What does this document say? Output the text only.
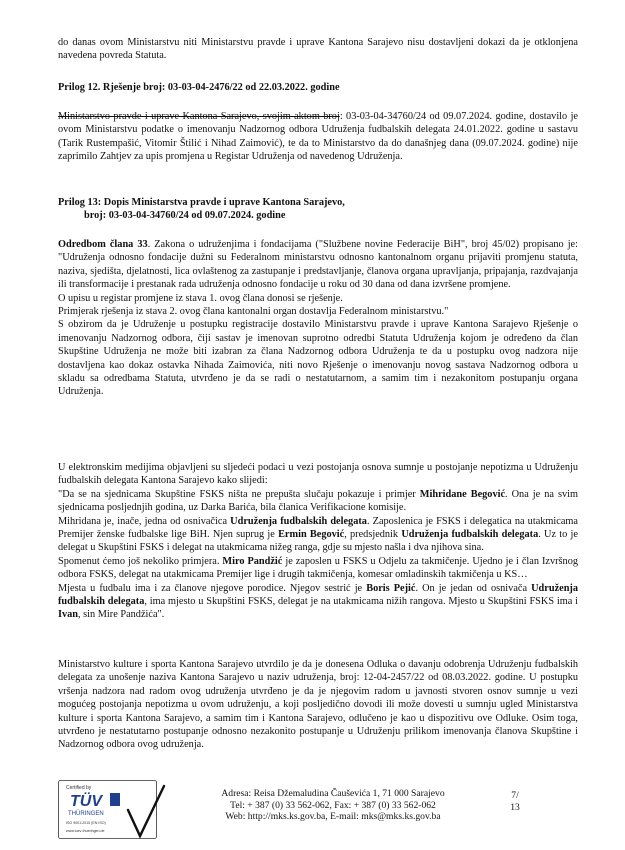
do danas ovom Ministarstvu niti Ministarstvu pravde i uprave Kantona Sarajevo nisu dostavljeni dokazi da je otklonjena navedena povreda Statuta.

Prilog 12. Rješenje broj: 03-03-04-2476/22 od 22.03.2022. godine

Ministarstvo pravde i uprave Kantona Sarajevo, svojim aktom broj: 03-03-04-34760/24 od 09.07.2024. godine, dostavilo je ovom Ministarstvu podatke o imenovanju Nadzornog odbora Udruženja fudbalskih delegata 24.01.2022. godine u sastavu (Tarik Rustempašić, Vitomir Štilić i Nihad Zaimović), te da to Ministarstvo da do današnjeg dana (09.07.2024. godine) nije zaprimilo Zahtjev za upis promjena u Registar Udruženja od navedenog Udruženja.

Prilog 13: Dopis Ministarstva pravde i uprave Kantona Sarajevo,

broj: 03-03-04-34760/24 od 09.07.2024. godine

Odredbom člana 33. Zakona o udruženjima i fondacijama ("Službene novine Federacije BiH", broj 45/02) propisano je: "Udruženja odnosno fondacije dužni su Federalnom ministarstvu odnosno kantonalnom organu prijaviti promjenu statuta, naziva, sjedišta, djelatnosti, lica ovlaštenog za zastupanje i predstavljanje, članova organa upravljanja, pripajanja, razdvajanja ili transformacije i prestanak rada udruženja odnosno fondacije u roku od 30 dana od dana izvršene promjene.

O upisu u registar promjene iz stava 1. ovog člana donosi se rješenje.

Primjerak rješenja iz stava 2. ovog člana kantonalni organ dostavlja Federalnom ministarstvu."

S obzirom da je Udruženje u postupku registracije dostavilo Ministarstvu pravde i uprave Kantona Sarajevo Rješenje o imenovanju Nadzornog odbora, čiji sastav je imenovan suprotno odredbi Statuta Udruženja kojom je određeno da član Skupštine Udruženja ne može biti izabran za člana Nadzornog odbora Udruženja te da u postupku ovog nadzora nije dostavljena kao dokaz ostavka Nihada Zaimovića, niti novo Rješenje o imenovanju novog sastava Nadzornog odbora u skladu sa odredbama Statuta, utvrđeno je da se radi o nestatutarnom, a samim tim i nezakonitom postupanju organa Udruženja.

U elektronskim medijima objavljeni su sljedeći podaci u vezi postojanja osnova sumnje u postojanje nepotizma u Udruženju fudbalskih delegata Kantona Sarajevo kako slijedi:

"Da se na sjednicama Skupštine FSKS ništa ne prepušta slučaju pokazuje i primjer Mihridane Begović. Ona je na svim sjednicama posljednjih godina, uz Darka Barića, bila članica Verifikacione komisije.

Mihridana je, inače, jedna od osnivačica Udruženja fudbalskih delegata. Zaposlenica je FSKS i delegatica na utakmicama Premijer ženske fudbalske lige BiH. Njen suprug je Ermin Begović, predsjednik Udruženja fudbalskih delegata. Uz to je delegat u Skupštini FSKS i delegat na utakmicama nižeg ranga, gdje su mjesto našla i dva njihova sina.

Spomenut ćemo još nekoliko primjera. Miro Pandžić je zaposlen u FSKS u Odjelu za takmičenje. Ujedno je i član Izvršnog odbora FSKS, delegat na utakmicama Premijer lige i drugih takmičenja, komesar omladinskih takmičenja u KS…

Mjesta u fudbalu ima i za članove njegove porodice. Njegov sestrić je Boris Pejić. On je jedan od osnivača Udruženja fudbalskih delegata, ima mjesto u Skupštini FSKS, delegat je na utakmicama nižih rangova. Mjesto u Skupštini FSKS ima i Ivan, sin Mire Pandžića".

Ministarstvo kulture i sporta Kantona Sarajevo utvrdilo je da je donesena Odluka o davanju odobrenja Udruženju fudbalskih delegata za unošenje naziva Kantona Sarajevo u naziv udruženja, broj: 12-04-2457/22 od 08.03.2022. godine. U postupku vršenja nadzora nad radom ovog udruženja utvrđeno je da je njegovim radom u javnosti stvoren osnov sumnje u vezi mogućeg postojanja nepotizma u ovom udruženju, a koji posljedično dovodi ili može dovesti u sumnju ugled Ministarstva kulture i sporta Kantona Sarajevo, a samim tim i Kantona Sarajevo, odlučeno je kao u dispozitivu ove Odluke. Osim toga, utvrđeno je nestatutarno postupanje odnosno nezakonito postupanje u Udruženju prilikom imenovanja članova Skupštine i Nadzornog odbora ovog udruženja.

Certified by
TÜV
THÜRINGEN
ISO 9001:2015 (EN ISO)
www.tuev-thueringen.de
Adresa: Reisa Džemaludina Čauševića 1, 71 000 Sarajevo
Tel: + 387 (0) 33 562-062, Fax: + 387 (0) 33 562-062
Web: http://mks.ks.gov.ba, E-mail: mks@mks.ks.gov.ba
7/
13
